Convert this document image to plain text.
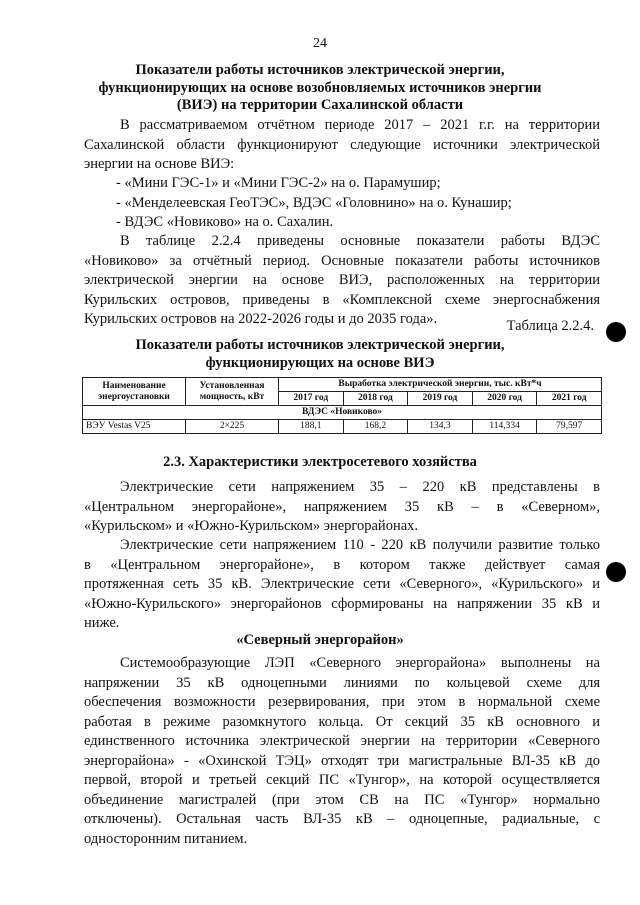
24
Показатели работы источников электрической энергии,
функционирующих на основе возобновляемых источников энергии
(ВИЭ) на территории Сахалинской области
В рассматриваемом отчётном периоде 2017 – 2021 г.г. на территории
Сахалинской области функционируют следующие источники электрической
энергии на основе ВИЭ:
- «Мини ГЭС-1» и «Мини ГЭС-2» на о. Парамушир;
- «Менделеевская ГеоТЭС», ВДЭС «Головнино» на о. Кунашир;
- ВДЭС «Новиково» на о. Сахалин.
В таблице 2.2.4 приведены основные показатели работы ВДЭС
«Новиково» за отчётный период. Основные показатели работы источников
электрической энергии на основе ВИЭ, расположенных на территории
Курильских островов, приведены в «Комплексной схеме энергоснабжения
Курильских островов на 2022-2026 годы и до 2035 года».	Таблица 2.2.4.
Показатели работы источников электрической энергии,
функционирующих на основе ВИЭ
Наименование энергоустановки	Установленная мощность, кВт	Выработка электрической энергии, тыс. кВт*ч				
		2017 год	2018 год	2019 год	2020 год	2021 год
ВДЭС «Новиково»						
ВЭУ Vestas V25	2×225	188,1	168,2	134,3	114,334	79,597
2.3. Характеристики электросетевого хозяйства
Электрические сети напряжением 35 – 220 кВ представлены в
«Центральном энергорайоне», напряжением 35 кВ – в «Северном»,
«Курильском» и «Южно-Курильском» энергорайонах.
Электрические сети напряжением 110 - 220 кВ получили развитие только
в «Центральном энергорайоне», в котором также действует самая
протяженная сеть 35 кВ. Электрические сети «Северного», «Курильского» и
«Южно-Курильского» энергорайонов сформированы на напряжении 35 кВ и
ниже.
«Северный энергорайон»
Системообразующие ЛЭП «Северного энергорайона» выполнены на
напряжении 35 кВ одноцепными линиями по кольцевой схеме для
обеспечения возможности резервирования, при этом в нормальной схеме
работая в режиме разомкнутого кольца. От секций 35 кВ основного и
единственного источника электрической энергии на территории «Северного
энергорайона» - «Охинской ТЭЦ» отходят три магистральные ВЛ-35 кВ до
первой, второй и третьей секций ПС «Тунгор», на которой осуществляется
объединение магистралей (при этом СВ на ПС «Тунгор» нормально
отключены). Остальная часть ВЛ-35 кВ – одноцепные, радиальные, с
односторонним питанием.
